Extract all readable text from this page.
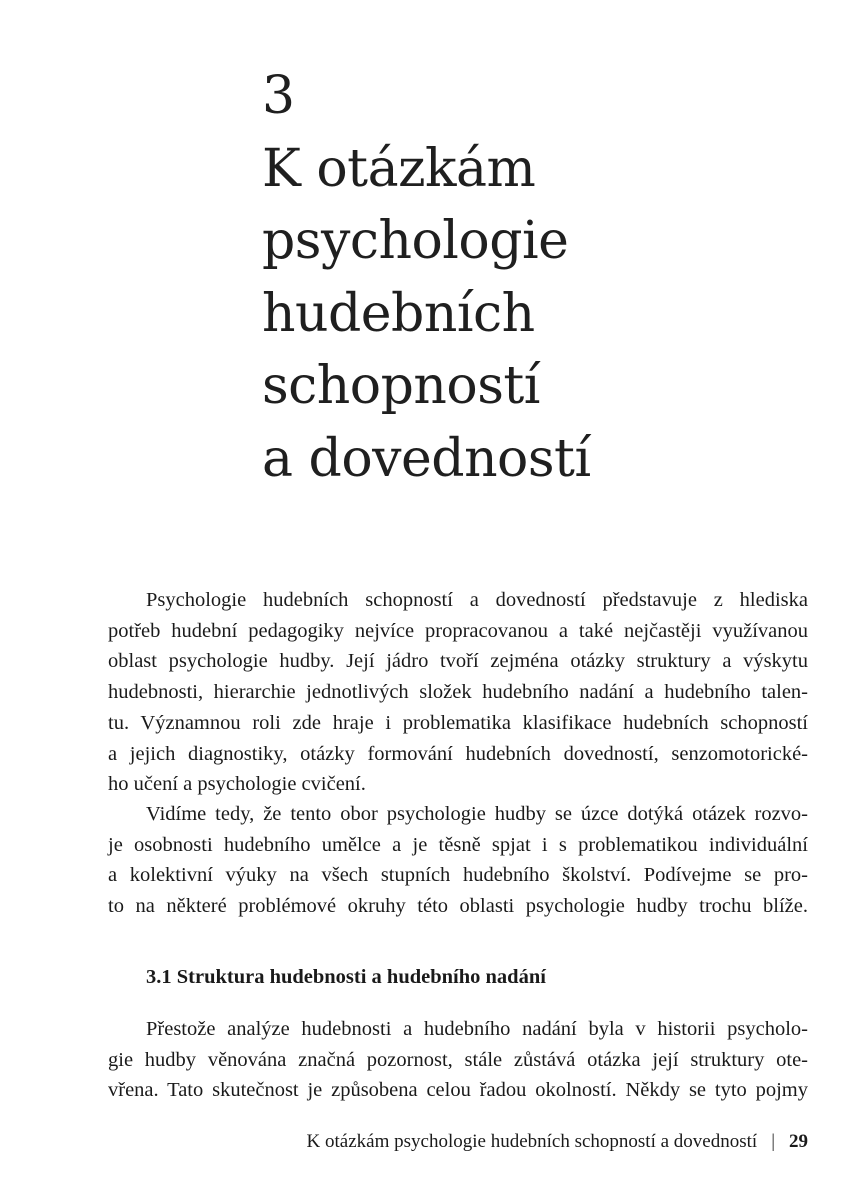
3
K otázkám
psychologie
hudebních
schopností
a dovedností
Psychologie hudebních schopností a dovedností představuje z hlediska
potřeb hudební pedagogiky nejvíce propracovanou a také nejčastěji využívanou
oblast psychologie hudby. Její jádro tvoří zejména otázky struktury a výskytu
hudebnosti, hierarchie jednotlivých složek hudebního nadání a hudebního talen-
tu. Významnou roli zde hraje i problematika klasifikace hudebních schopností
a jejich diagnostiky, otázky formování hudebních dovedností, senzomotorické-
ho učení a psychologie cvičení.
Vidíme tedy, že tento obor psychologie hudby se úzce dotýká otázek rozvo-
je osobnosti hudebního umělce a je těsně spjat i s problematikou individuální
a kolektivní výuky na všech stupních hudebního školství. Podívejme se pro-
to na některé problémové okruhy této oblasti psychologie hudby trochu blíže.
3.1 Struktura hudebnosti a hudebního nadání
Přestože analýze hudebnosti a hudebního nadání byla v historii psycholo-
gie hudby věnována značná pozornost, stále zůstává otázka její struktury ote-
vřena. Tato skutečnost je způsobena celou řadou okolností. Někdy se tyto pojmy
K otázkám psychologie hudebních schopností a dovedností | 29
